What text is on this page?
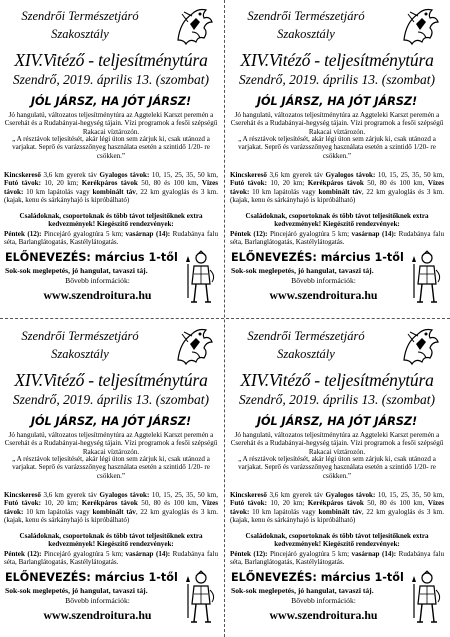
Szendrői Természetjáró
Szakosztály
XIV.Vitéző - teljesítménytúra
Szendrő, 2019. április 13. (szombat)
JÓL JÁRSZ, HA JÓT JÁRSZ!
Jó hangulatú, változatos teljesítménytúra az Aggteleki Karszt peremén a Cserehát és a Rudabányai-hegység tájain. Vízi programok a fesői szépségű Rakacai víztározón.
„ A résztávok teljesítését, akár légi úton sem zárjuk ki, csak utánozd a varjakat. Seprő és varázsszőnyeg használata esetén a szintidő 1/20- re csökken.”
Kincskereső 3,6 km gyerek táv Gyalogos távok: 10, 15, 25, 35, 50 km, Futó távok: 10, 20 km; Kerékpáros távok 50, 80 és 100 km, Vízes távok: 10 km lapátolás vagy kombinált táv, 22 km gyaloglás és 3 km. (kajak, kenu és sárkányhajó is kipróbálható)
Családoknak, csoportoknak és több távot teljesítőknek extra kedvezmények! Kiegészítő rendezvények:
Péntek (12): Pincejáró gyalogtúra 5 km; vasárnap (14): Rudabánya falu séta, Barlanglátogatás, Kastélylátogatás.
ELŐNEVEZÉS: március 1-től
Sok-sok meglepetés, jó hangulat, tavaszi táj.
Bővebb információk:
www.szendroitura.hu
Szendrői Természetjáró
Szakosztály
XIV.Vitéző - teljesítménytúra
Szendrő, 2019. április 13. (szombat)
JÓL JÁRSZ, HA JÓT JÁRSZ!
Jó hangulatú, változatos teljesítménytúra az Aggteleki Karszt peremén a Cserehát és a Rudabányai-hegység tájain. Vízi programok a fesői szépségű Rakacai víztározón.
„ A résztávok teljesítését, akár légi úton sem zárjuk ki, csak utánozd a varjakat. Seprő és varázsszőnyeg használata esetén a szintidő 1/20- re csökken.”
Kincskereső 3,6 km gyerek táv Gyalogos távok: 10, 15, 25, 35, 50 km, Futó távok: 10, 20 km; Kerékpáros távok 50, 80 és 100 km, Vízes távok: 10 km lapátolás vagy kombinált táv, 22 km gyaloglás és 3 km. (kajak, kenu és sárkányhajó is kipróbálható)
Családoknak, csoportoknak és több távot teljesítőknek extra kedvezmények! Kiegészítő rendezvények:
Péntek (12): Pincejáró gyalogtúra 5 km; vasárnap (14): Rudabánya falu séta, Barlanglátogatás, Kastélylátogatás.
ELŐNEVEZÉS: március 1-től
Sok-sok meglepetés, jó hangulat, tavaszi táj.
Bővebb információk:
www.szendroitura.hu
Szendrői Természetjáró
Szakosztály
XIV.Vitéző - teljesítménytúra
Szendrő, 2019. április 13. (szombat)
JÓL JÁRSZ, HA JÓT JÁRSZ!
Jó hangulatú, változatos teljesítménytúra az Aggteleki Karszt peremén a Cserehát és a Rudabányai-hegység tájain. Vízi programok a fesői szépségű Rakacai víztározón.
„ A résztávok teljesítését, akár légi úton sem zárjuk ki, csak utánozd a varjakat. Seprő és varázsszőnyeg használata esetén a szintidő 1/20- re csökken.”
Kincskereső 3,6 km gyerek táv Gyalogos távok: 10, 15, 25, 35, 50 km, Futó távok: 10, 20 km; Kerékpáros távok 50, 80 és 100 km, Vízes távok: 10 km lapátolás vagy kombinált táv, 22 km gyaloglás és 3 km. (kajak, kenu és sárkányhajó is kipróbálható)
Családoknak, csoportoknak és több távot teljesítőknek extra kedvezmények! Kiegészítő rendezvények:
Péntek (12): Pincejáró gyalogtúra 5 km; vasárnap (14): Rudabánya falu séta, Barlanglátogatás, Kastélylátogatás.
ELŐNEVEZÉS: március 1-től
Sok-sok meglepetés, jó hangulat, tavaszi táj.
Bővebb információk:
www.szendroitura.hu
Szendrői Természetjáró
Szakosztály
XIV.Vitéző - teljesítménytúra
Szendrő, 2019. április 13. (szombat)
JÓL JÁRSZ, HA JÓT JÁRSZ!
Jó hangulatú, változatos teljesítménytúra az Aggteleki Karszt peremén a Cserehát és a Rudabányai-hegység tájain. Vízi programok a fesői szépségű Rakacai víztározón.
„ A résztávok teljesítését, akár légi úton sem zárjuk ki, csak utánozd a varjakat. Seprő és varázsszőnyeg használata esetén a szintidő 1/20- re csökken.”
Kincskereső 3,6 km gyerek táv Gyalogos távok: 10, 15, 25, 35, 50 km, Futó távok: 10, 20 km; Kerékpáros távok 50, 80 és 100 km, Vízes távok: 10 km lapátolás vagy kombinált táv, 22 km gyaloglás és 3 km. (kajak, kenu és sárkányhajó is kipróbálható)
Családoknak, csoportoknak és több távot teljesítőknek extra kedvezmények! Kiegészítő rendezvények:
Péntek (12): Pincejáró gyalogtúra 5 km; vasárnap (14): Rudabánya falu séta, Barlanglátogatás, Kastélylátogatás.
ELŐNEVEZÉS: március 1-től
Sok-sok meglepetés, jó hangulat, tavaszi táj.
Bővebb információk:
www.szendroitura.hu
